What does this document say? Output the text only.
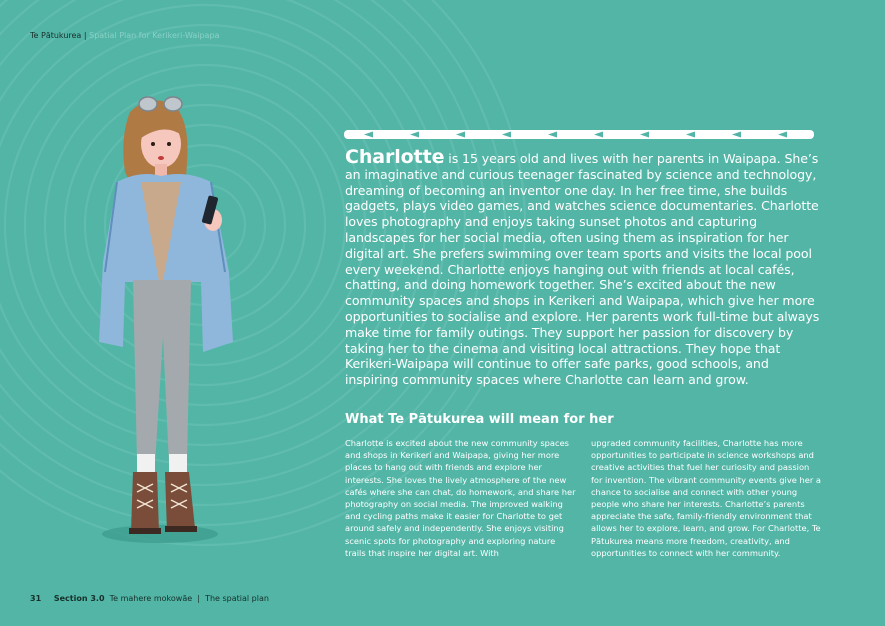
Te Pātukurea | Spatial Plan for Kerikeri-Waipapa
Charlotte is 15 years old and lives with her parents in Waipapa. She’s an imaginative and curious teenager fascinated by science and technology, dreaming of becoming an inventor one day. In her free time, she builds gadgets, plays video games, and watches science documentaries. Charlotte loves photography and enjoys taking sunset photos and capturing landscapes for her social media, often using them as inspiration for her digital art. She prefers swimming over team sports and visits the local pool every weekend. Charlotte enjoys hanging out with friends at local cafés, chatting, and doing homework together. She’s excited about the new community spaces and shops in Kerikeri and Waipapa, which give her more opportunities to socialise and explore. Her parents work full-time but always make time for family outings. They support her passion for discovery by taking her to the cinema and visiting local attractions. They hope that Kerikeri-Waipapa will continue to offer safe parks, good schools, and inspiring community spaces where Charlotte can learn and grow.
What Te Pātukurea will mean for her
Charlotte is excited about the new community spaces and shops in Kerikeri and Waipapa, giving her more places to hang out with friends and explore her interests. She loves the lively atmosphere of the new cafés where she can chat, do homework, and share her photography on social media. The improved walking and cycling paths make it easier for Charlotte to get around safely and independently. She enjoys visiting scenic spots for photography and exploring nature trails that inspire her digital art. With
upgraded community facilities, Charlotte has more opportunities to participate in science workshops and creative activities that fuel her curiosity and passion for invention. The vibrant community events give her a chance to socialise and connect with other young people who share her interests. Charlotte’s parents appreciate the safe, family-friendly environment that allows her to explore, learn, and grow. For Charlotte, Te Pātukurea means more freedom, creativity, and opportunities to connect with her community.
31 Section 3.0 Te mahere mokowāe | The spatial plan
